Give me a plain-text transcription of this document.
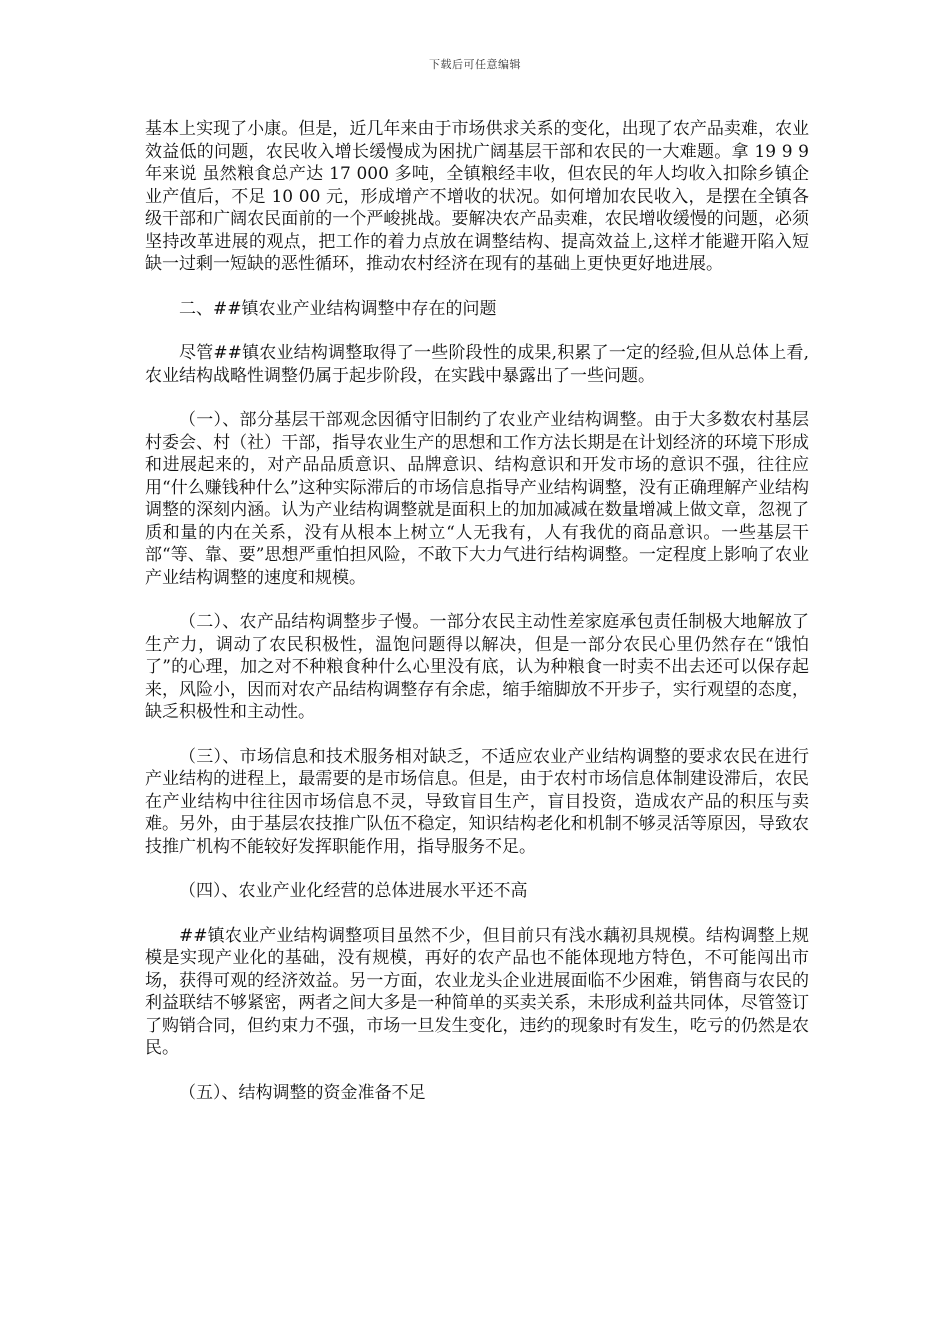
下载后可任意编辑

基本上实现了小康。但是，近几年来由于市场供求关系的变化，出现了农产品卖难，农业效益低的问题，农民收入增长缓慢成为困扰广阔基层干部和农民的一大难题。拿 19 9 9 年来说 虽然粮食总产达 17 000 多吨，全镇粮经丰收，但农民的年人均收入扣除乡镇企业产值后，不足 10 00 元，形成增产不增收的状况。如何增加农民收入，是摆在全镇各级干部和广阔农民面前的一个严峻挑战。要解决农产品卖难，农民增收缓慢的问题，必须坚持改革进展的观点，把工作的着力点放在调整结构、提高效益上,这样才能避开陷入短缺一过剩一短缺的恶性循环，推动农村经济在现有的基础上更快更好地进展。

二、##镇农业产业结构调整中存在的问题

尽管##镇农业结构调整取得了一些阶段性的成果,积累了一定的经验,但从总体上看,农业结构战略性调整仍属于起步阶段，在实践中暴露出了一些问题。

（一）、部分基层干部观念因循守旧制约了农业产业结构调整。由于大多数农村基层村委会、村（社）干部，指导农业生产的思想和工作方法长期是在计划经济的环境下形成和进展起来的，对产品品质意识、品牌意识、结构意识和开发市场的意识不强，往往应用“什么赚钱种什么”这种实际滞后的市场信息指导产业结构调整，没有正确理解产业结构调整的深刻内涵。认为产业结构调整就是面积上的加加减减在数量增减上做文章，忽视了质和量的内在关系，没有从根本上树立“人无我有，人有我优的商品意识。一些基层干部“等、靠、要”思想严重怕担风险，不敢下大力气进行结构调整。一定程度上影响了农业产业结构调整的速度和规模。

（二）、农产品结构调整步子慢。一部分农民主动性差家庭承包责任制极大地解放了生产力，调动了农民积极性，温饱问题得以解决，但是一部分农民心里仍然存在“饿怕了”的心理，加之对不种粮食种什么心里没有底，认为种粮食一时卖不出去还可以保存起来，风险小，因而对农产品结构调整存有余虑，缩手缩脚放不开步子，实行观望的态度，缺乏积极性和主动性。

（三）、市场信息和技术服务相对缺乏，不适应农业产业结构调整的要求农民在进行产业结构的进程上，最需要的是市场信息。但是，由于农村市场信息体制建设滞后，农民在产业结构中往往因市场信息不灵，导致盲目生产，盲目投资，造成农产品的积压与卖难。另外，由于基层农技推广队伍不稳定，知识结构老化和机制不够灵活等原因，导致农技推广机构不能较好发挥职能作用，指导服务不足。

（四）、农业产业化经营的总体进展水平还不高

##镇农业产业结构调整项目虽然不少，但目前只有浅水藕初具规模。结构调整上规模是实现产业化的基础，没有规模，再好的农产品也不能体现地方特色，不可能闯出市场，获得可观的经济效益。另一方面，农业龙头企业进展面临不少困难，销售商与农民的利益联结不够紧密，两者之间大多是一种简单的买卖关系，未形成利益共同体，尽管签订了购销合同，但约束力不强，市场一旦发生变化，违约的现象时有发生，吃亏的仍然是农民。

（五）、结构调整的资金准备不足
